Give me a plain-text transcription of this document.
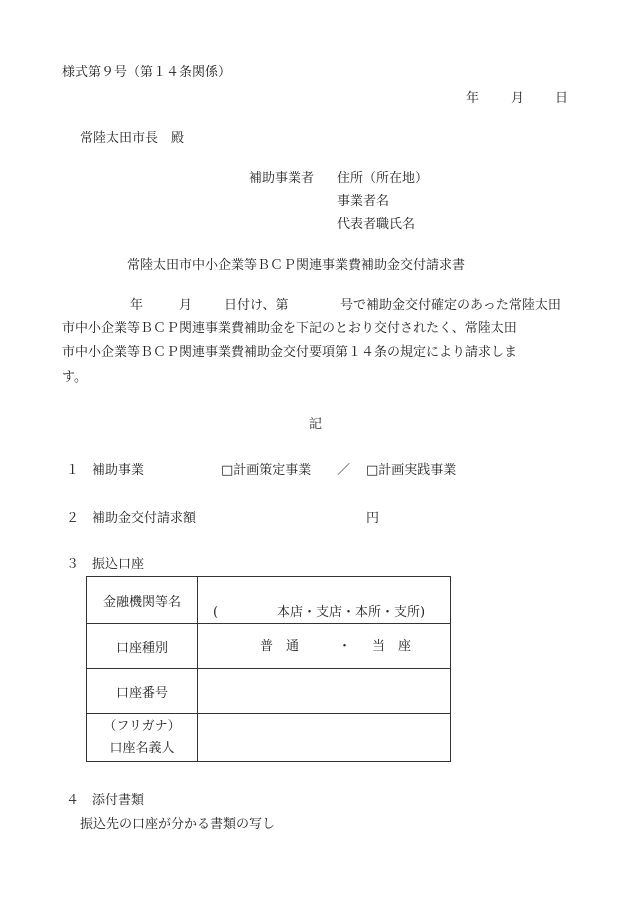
様式第９号（第１４条関係）
年 月 日
常陸太田市長　殿
補助事業者 住所（所在地）
事業者名
代表者職氏名
常陸太田市中小企業等ＢＣＰ関連事業費補助金交付請求書
年	月 日付け、第	号で補助金交付確定のあった常陸太田
市中小企業等ＢＣＰ関連事業費補助金を下記のとおり交付されたく、常陸太田
市中小企業等ＢＣＰ関連事業費補助金交付要項第１４条の規定により請求しま
す。
記
１ 補助事業	□計画策定事業 ／ □計画実践事業
２ 補助金交付請求額	円
３ 振込口座
金融機関等名	( 本店・支店・本所・支所)

口座種別	普　通 ・ 当　座

口座番号	

（フリガナ）
口座名義人	

４ 添付書類
振込先の口座が分かる書類の写し
